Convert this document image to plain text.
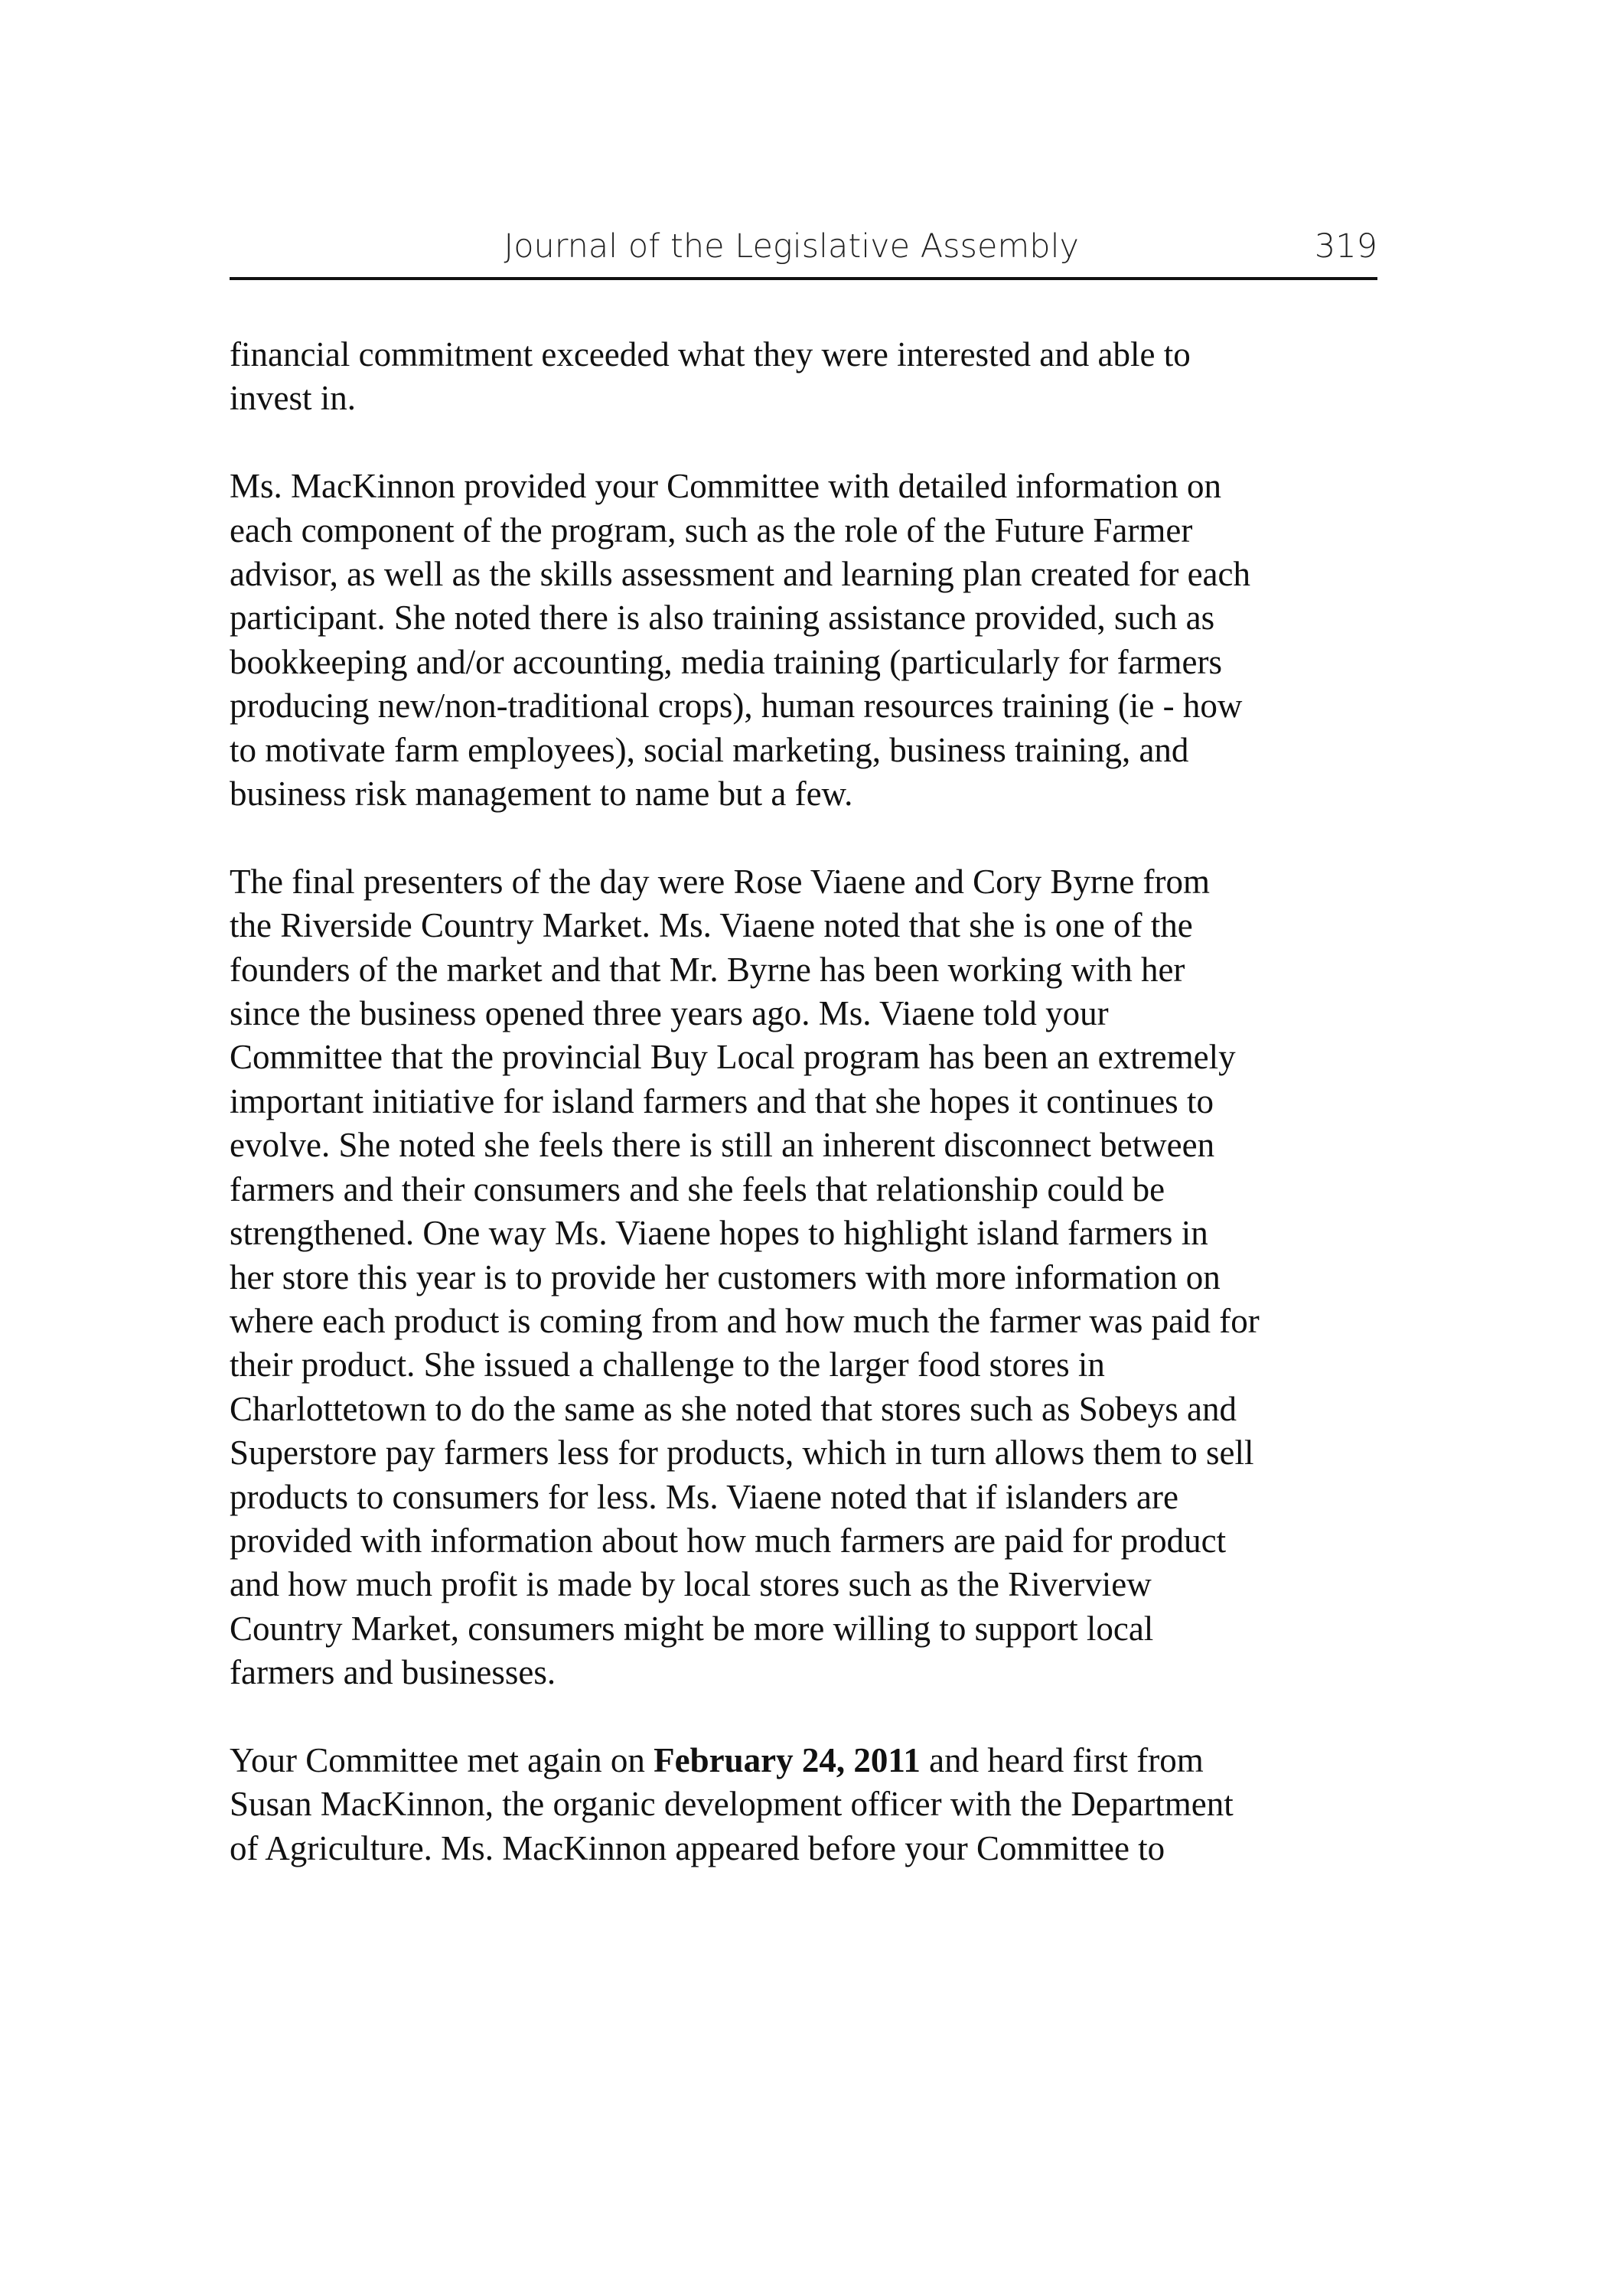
Journal of the Legislative Assembly	319

financial commitment exceeded what they were interested and able to
invest in.

Ms. MacKinnon provided your Committee with detailed information on
each component of the program, such as the role of the Future Farmer
advisor, as well as the skills assessment and learning plan created for each
participant. She noted there is also training assistance provided, such as
bookkeeping and/or accounting, media training (particularly for farmers
producing new/non-traditional crops), human resources training (ie - how
to motivate farm employees), social marketing, business training, and
business risk management to name but a few.

The final presenters of the day were Rose Viaene and Cory Byrne from
the Riverside Country Market. Ms. Viaene noted that she is one of the
founders of the market and that Mr. Byrne has been working with her
since the business opened three years ago. Ms. Viaene told your
Committee that the provincial Buy Local program has been an extremely
important initiative for island farmers and that she hopes it continues to
evolve. She noted she feels there is still an inherent disconnect between
farmers and their consumers and she feels that relationship could be
strengthened. One way Ms. Viaene hopes to highlight island farmers in
her store this year is to provide her customers with more information on
where each product is coming from and how much the farmer was paid for
their product. She issued a challenge to the larger food stores in
Charlottetown to do the same as she noted that stores such as Sobeys and
Superstore pay farmers less for products, which in turn allows them to sell
products to consumers for less. Ms. Viaene noted that if islanders are
provided with information about how much farmers are paid for product
and how much profit is made by local stores such as the Riverview
Country Market, consumers might be more willing to support local
farmers and businesses.

Your Committee met again on February 24, 2011 and heard first from
Susan MacKinnon, the organic development officer with the Department
of Agriculture. Ms. MacKinnon appeared before your Committee to
